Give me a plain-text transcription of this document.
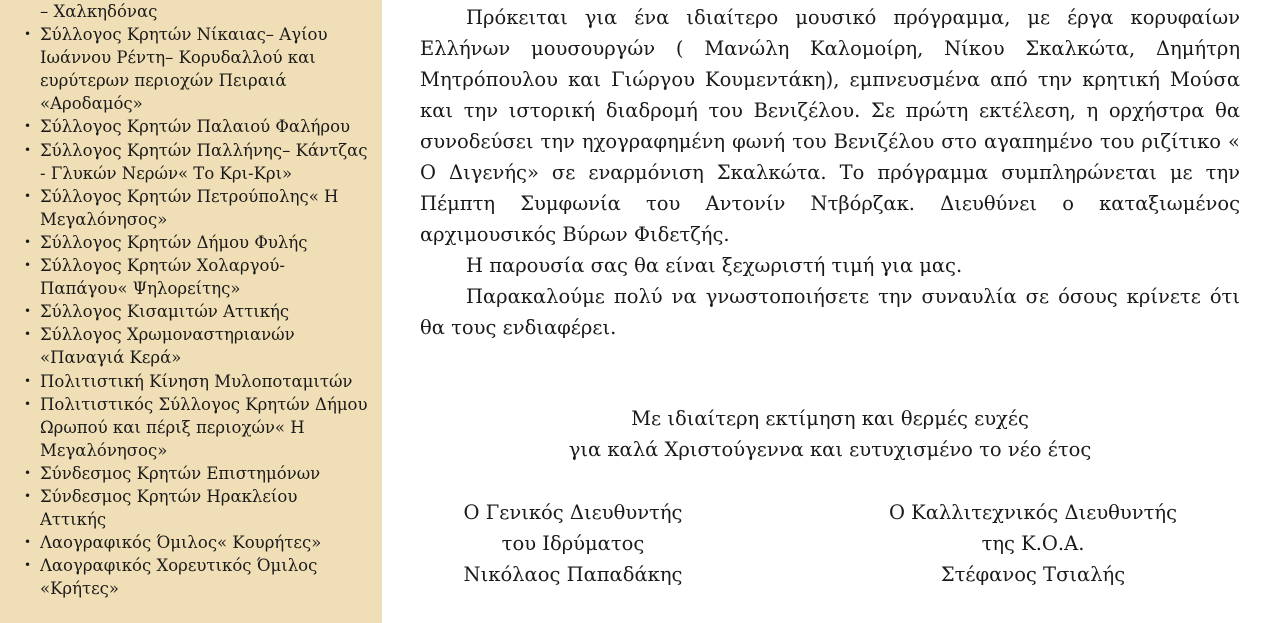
– Χαλκηδόνας
• Σύλλογος Κρητών Νίκαιας– Αγίου Ιωάννου Ρέντη– Κορυδαλλού και ευρύτερων περιοχών Πειραιά «Αροδαμός»
• Σύλλογος Κρητών Παλαιού Φαλήρου
• Σύλλογος Κρητών Παλλήνης– Κάντζας - Γλυκών Νερών« Το Κρι-Κρι»
• Σύλλογος Κρητών Πετρούπολης« Η Μεγαλόνησος»
• Σύλλογος Κρητών Δήμου Φυλής
• Σύλλογος Κρητών Χολαργού-Παπάγου« Ψηλορείτης»
• Σύλλογος Κισαμιτών Αττικής
• Σύλλογος Χρωμοναστηριανών «Παναγιά Κερά»
• Πολιτιστική Κίνηση Μυλοποταμιτών
• Πολιτιστικός Σύλλογος Κρητών Δήμου Ωρωπού και πέριξ περιοχών« Η Μεγαλόνησος»
• Σύνδεσμος Κρητών Επιστημόνων
• Σύνδεσμος Κρητών Ηρακλείου Αττικής
• Λαογραφικός Όμιλος« Κουρήτες»
• Λαογραφικός Χορευτικός Όμιλος «Κρήτες»

Πρόκειται για ένα ιδιαίτερο μουσικό πρόγραμμα, με έργα κορυφαίων Ελλήνων μουσουργών ( Μανώλη Καλομοίρη, Νίκου Σκαλκώτα, Δημήτρη Μητρόπουλου και Γιώργου Κουμεντάκη), εμπνευσμένα από την κρητική Μούσα και την ιστορική διαδρομή του Βενιζέλου. Σε πρώτη εκτέλεση, η ορχήστρα θα συνοδεύσει την ηχογραφημένη φωνή του Βενιζέλου στο αγαπημένο του ριζίτικο « Ο Διγενής» σε εναρμόνιση Σκαλκώτα. Το πρόγραμμα συμπληρώνεται με την Πέμπτη Συμφωνία του Αντονίν Ντβόρζακ. Διευθύνει ο καταξιωμένος αρχιμουσικός Βύρων Φιδετζής.

Η παρουσία σας θα είναι ξεχωριστή τιμή για μας.

Παρακαλούμε πολύ να γνωστοποιήσετε την συναυλία σε όσους κρίνετε ότι θα τους ενδιαφέρει.

Με ιδιαίτερη εκτίμηση και θερμές ευχές
για καλά Χριστούγεννα και ευτυχισμένο το νέο έτος
Ο Γενικός Διευθυντής
του Ιδρύματος
Νικόλαος Παπαδάκης
Ο Καλλιτεχνικός Διευθυντής
της Κ.Ο.Α.
Στέφανος Τσιαλής
